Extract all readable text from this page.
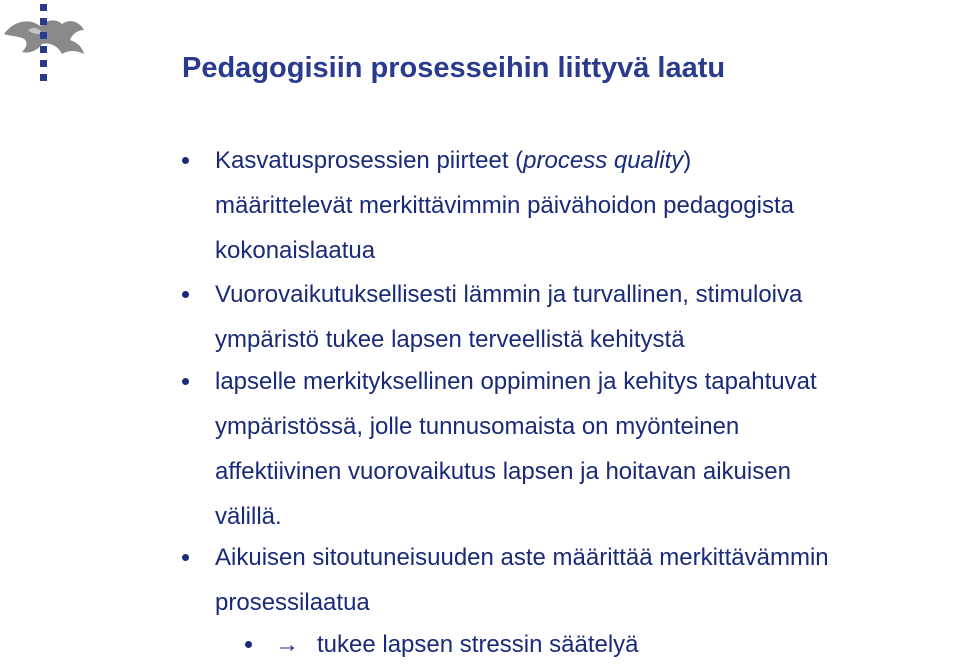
Pedagogisiin prosesseihin liittyvä laatu
Kasvatusprosessien piirteet (process quality)
määrittelevät merkittävimmin päivähoidon pedagogista
kokonaislaatua
Vuorovaikutuksellisesti lämmin ja turvallinen, stimuloiva
ympäristö tukee lapsen terveellistä kehitystä
lapselle merkityksellinen oppiminen ja kehitys tapahtuvat
ympäristössä, jolle tunnusomaista on myönteinen
affektiivinen vuorovaikutus lapsen ja hoitavan aikuisen
välillä.
Aikuisen sitoutuneisuuden aste määrittää merkittävämmin
prosessilaatua
→ tukee lapsen stressin säätelyä
